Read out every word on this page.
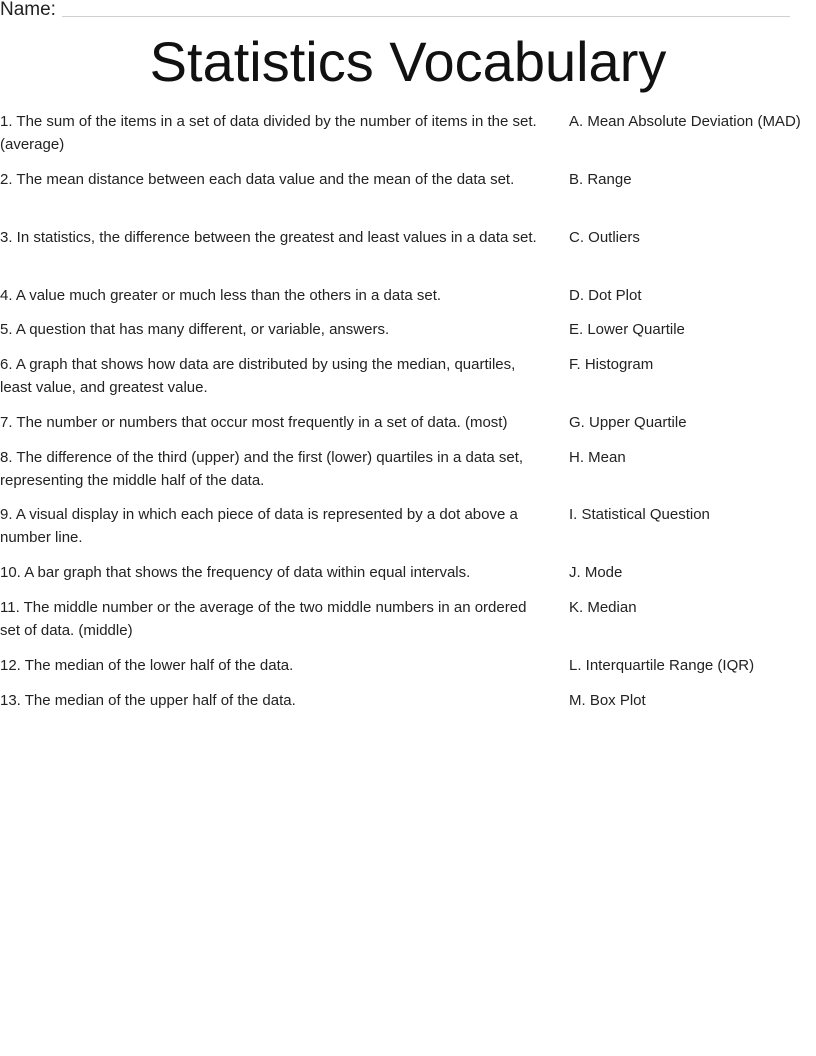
Name:
Statistics Vocabulary
1. The sum of the items in a set of data divided by the number of items in the set. (average)
A. Mean Absolute Deviation (MAD)
2. The mean distance between each data value and the mean of the data set.	B. Range
3. In statistics, the difference between the greatest and least values in a data set.	C. Outliers
4. A value much greater or much less than the others in a data set.	D. Dot Plot
5. A question that has many different, or variable, answers.	E. Lower Quartile
6. A graph that shows how data are distributed by using the median, quartiles, least value, and greatest value.
F. Histogram
7. The number or numbers that occur most frequently in a set of data. (most)	G. Upper Quartile
8. The difference of the third (upper) and the first (lower) quartiles in a data set, representing the middle half of the data.
H. Mean
9. A visual display in which each piece of data is represented by a dot above a number line.
I. Statistical Question
10. A bar graph that shows the frequency of data within equal intervals.	J. Mode
11. The middle number or the average of the two middle numbers in an ordered set of data. (middle)
K. Median
12. The median of the lower half of the data.	L. Interquartile Range (IQR)
13. The median of the upper half of the data.	M. Box Plot
